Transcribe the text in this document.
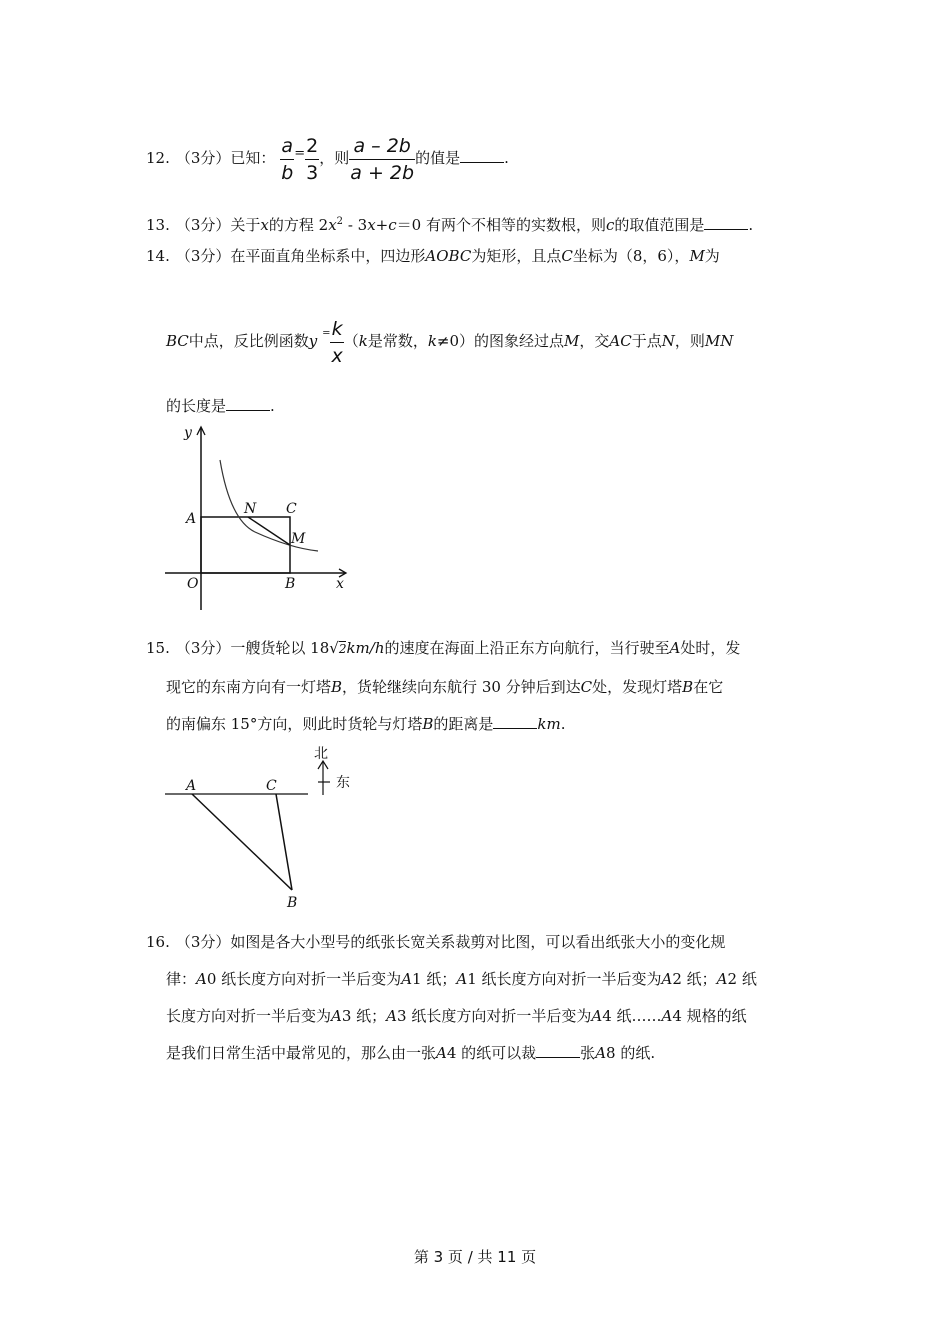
12. （3分）已知： $\frac{a}{b} = \frac{2}{3}$ ，则 $\frac{a - 2b}{a + 2b}$ 的值是	.
13. （3分）关于x的方程 $2x^2 - 3x+c=0$ 有两个不相等的实数根，则c的取值范围是	.
14. （3分）在平面直角坐标系中，四边形AOBC为矩形，且点C坐标为（8，6），M为
BC中点，反比例函数y $^= \frac{k}{x} (k$是常数，k≠0）的图象经过点M，交AC于点N，则MN
的长度是	.
y
x
A
O	B
C
N
M
15. （3分）一艘货轮以 18√2km/h的速度在海面上沿正东方向航行，当行驶至A处时，发
现它的东南方向有一灯塔B，货轮继续向东航行 30 分钟后到达C处，发现灯塔B在它
的南偏东 15°方向，则此时货轮与灯塔B的距离是	km.
北
东
A	C
B
16. （3分）如图是各大小型号的纸张长宽关系裁剪对比图，可以看出纸张大小的变化规
律：A0 纸长度方向对折一半后变为A1 纸；A1 纸长度方向对折一半后变为A2 纸；A2 纸
长度方向对折一半后变为A3 纸；A3 纸长度方向对折一半后变为A4 纸……A4 规格的纸
是我们日常生活中最常见的，那么由一张A4 的纸可以裁	张A8 的纸.
第 3 页 / 共 11 页
